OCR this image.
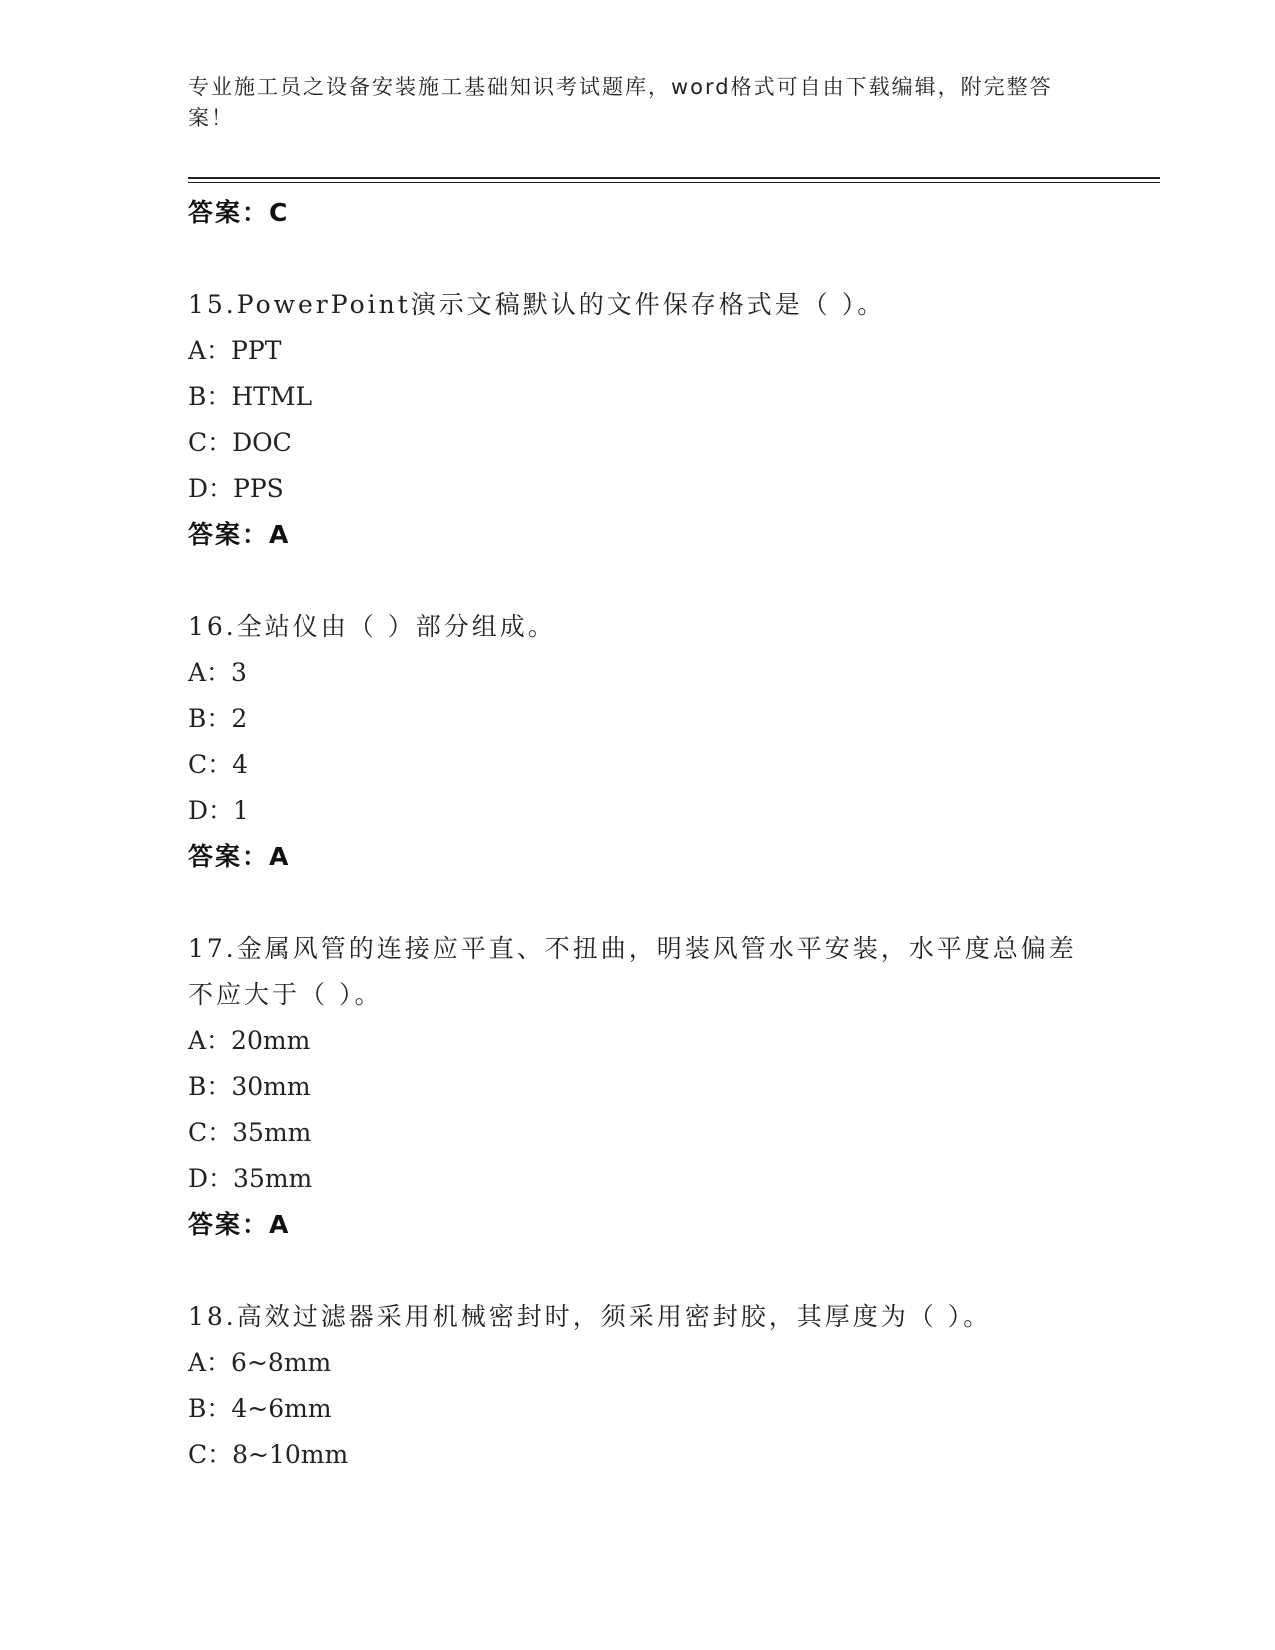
专业施工员之设备安装施工基础知识考试题库，word格式可自由下载编辑，附完整答案！
答案：C
15.PowerPoint演示文稿默认的文件保存格式是（ ）。
A：PPT
B：HTML
C：DOC
D：PPS
答案：A
16.全站仪由（ ）部分组成。
A：3
B：2
C：4
D：1
答案：A
17.金属风管的连接应平直、不扭曲，明装风管水平安装，水平度总偏差不应大于（ ）。
A：20mm
B：30mm
C：35mm
D：35mm
答案：A
18.高效过滤器采用机械密封时，须采用密封胶，其厚度为（ ）。
A：6~8mm
B：4~6mm
C：8~10mm
